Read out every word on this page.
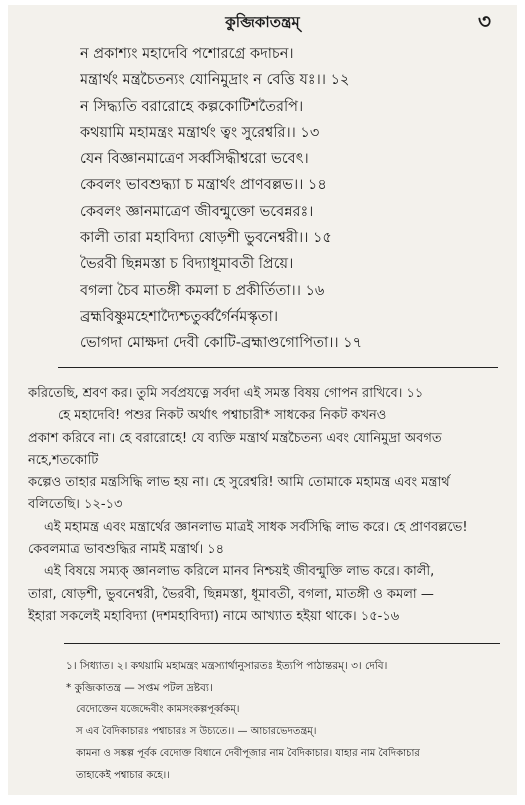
কুব্জিকাতন্ত্রম্	৩
ন প্রকাশ্যং মহাদেবি পশোরগ্রে কদাচন।
মন্ত্রার্থং মন্ত্রচৈতন্যং যোনিমুদ্রাং ন বেত্তি যঃ।। ১২
ন সিদ্ধ্যতি বরারোহে কল্পকোটিশতৈরপি।
কথয়ামি মহামন্ত্রং মন্ত্রার্থং ত্বং সুরেশ্বরি।। ১৩
যেন বিজ্ঞানমাত্রেণ সর্ব্বসিদ্ধীশ্বরো ভবেৎ।
কেবলং ভাবশুদ্ধ্যা চ মন্ত্রার্থং প্রাণবল্লভ।। ১৪
কেবলং জ্ঞানমাত্রেণ জীবন্মুক্তো ভবেন্নরঃ।
কালী তারা মহাবিদ্যা ষোড়শী ভুবনেশ্বরী।। ১৫
ভৈরবী ছিন্নমস্তা চ বিদ্যাধূমাবতী প্রিয়ে।
বগলা চৈব মাতঙ্গী কমলা চ প্রকীর্তিতা।। ১৬
ব্রহ্মবিষ্ণুমহেশাদ্যৈশ্চতুর্ব্বর্গৈর্নমস্কৃতা।
ভোগদা মোক্ষদা দেবী কোটি-ব্রহ্মাণ্ডগোপিতা।। ১৭
করিতেছি, শ্রবণ কর। তুমি সর্বপ্রযত্নে সর্বদা এই সমস্ত বিষয় গোপন রাখিবে। ১১
হে মহাদেবি! পশুর নিকট অর্থাৎ পশ্বাচারী* সাধকের নিকট কখনও
প্রকাশ করিবে না। হে বরারোহে! যে ব্যক্তি মন্ত্রার্থ মন্ত্রচৈতন্য এবং যোনিমুদ্রা অবগত
নহে,শতকোটি
কল্পেও তাহার মন্ত্রসিদ্ধি লাভ হয় না। হে সুরেশ্বরি! আমি তোমাকে মহামন্ত্র এবং মন্ত্রার্থ
বলিতেছি। ১২-১৩
এই মহামন্ত্র এবং মন্ত্রার্থের জ্ঞানলাভ মাত্রই সাধক সর্বসিদ্ধি লাভ করে। হে প্রাণবল্লভে!
কেবলমাত্র ভাবশুদ্ধির নামই মন্ত্রার্থ। ১৪
এই বিষয়ে সম্যক্ জ্ঞানলাভ করিলে মানব নিশ্চয়ই জীবন্মুক্তি লাভ করে। কালী,
তারা, ষোড়শী, ভুবনেশ্বরী, ভৈরবী, ছিন্নমস্তা, ধূমাবতী, বগলা, মাতঙ্গী ও কমলা —
ইহারা সকলেই মহাবিদ্যা (দশমহাবিদ্যা) নামে আখ্যাত হইয়া থাকে। ১৫-১৬
১। সিধ্যাত। ২। কথয়ামি মহামন্ত্রং মন্ত্রস্যার্থানুসারতঃ ইত্যপি পাঠান্তরম্। ৩। দেবি।
* কুব্জিকাতন্ত্র — সপ্তম পটল দ্রষ্টব্য।
বেদোক্তেন যজেদ্দেবীং কামসংকল্পপূর্ব্বকম্।
স এব বৈদিকাচারঃ পশ্বাচারঃ স উচ্যতে।। — আচারভেদতন্ত্রম্।
কামনা ও সঙ্কল্প পূর্বক বেদোক্ত বিধানে দেবীপূজার নাম বৈদিকাচার। যাহার নাম বৈদিকাচার
তাহাকেই পশ্বাচার কহে।।
